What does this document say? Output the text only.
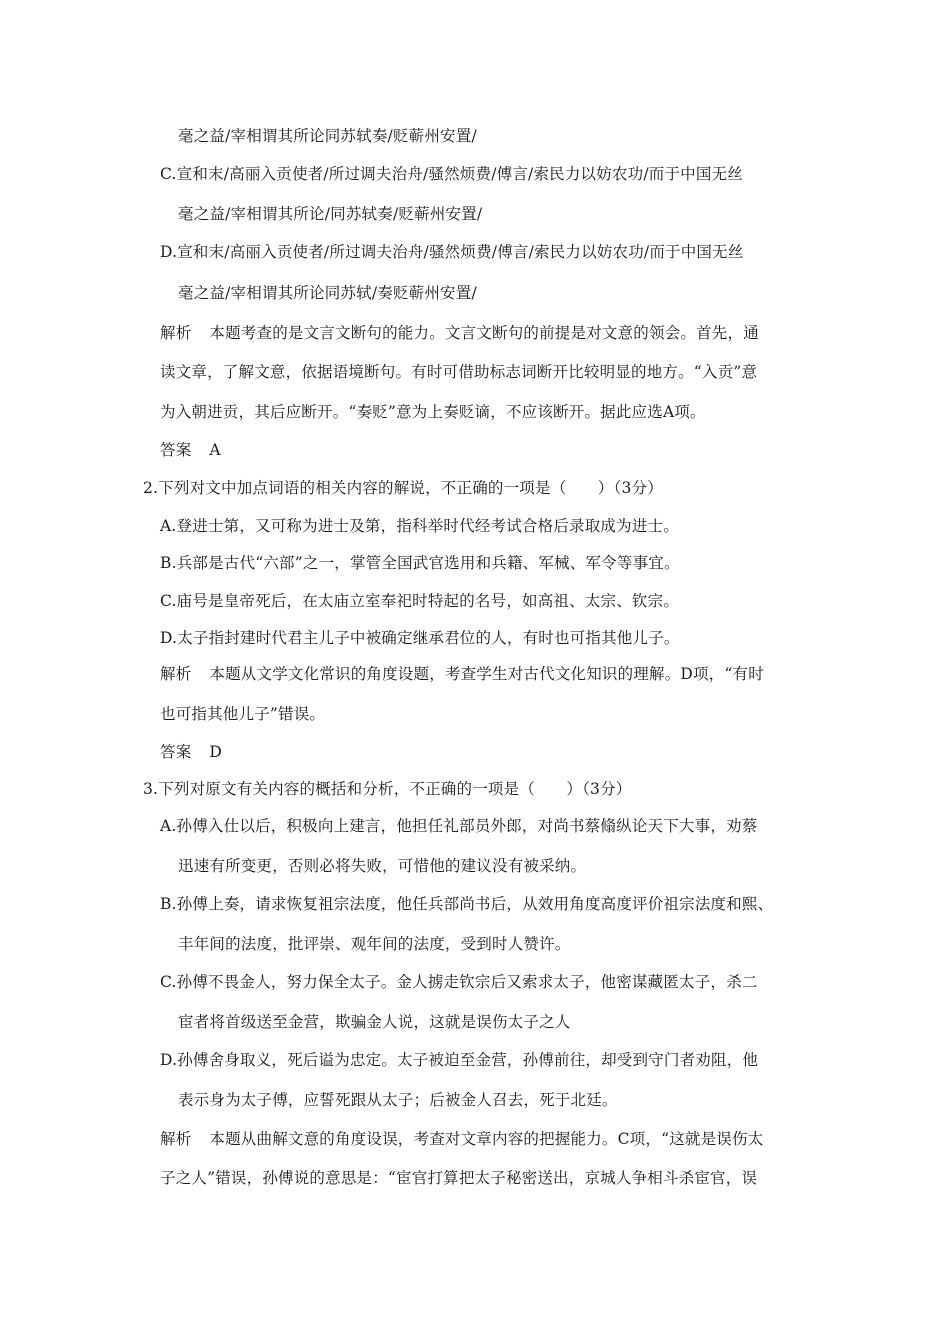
毫之益/宰相谓其所论同苏轼奏/贬蕲州安置/
C.宣和末/高丽入贡使者/所过调夫治舟/骚然烦费/傅言/索民力以妨农功/而于中国无丝
毫之益/宰相谓其所论/同苏轼奏/贬蕲州安置/
D.宣和末/高丽入贡使者/所过调夫治舟/骚然烦费/傅言/索民力以妨农功/而于中国无丝
毫之益/宰相谓其所论同苏轼/奏贬蕲州安置/
解析 本题考查的是文言文断句的能力。文言文断句的前提是对文意的领会。首先，通
读文章，了解文意，依据语境断句。有时可借助标志词断开比较明显的地方。“入贡”意
为入朝进贡，其后应断开。“奏贬”意为上奏贬谪，不应该断开。据此应选A项。
答案 A
2.下列对文中加点词语的相关内容的解说，不正确的一项是（　　）（3分）
A.登进士第，又可称为进士及第，指科举时代经考试合格后录取成为进士。
B.兵部是古代“六部”之一，掌管全国武官选用和兵籍、军械、军令等事宜。
C.庙号是皇帝死后，在太庙立室奉祀时特起的名号，如高祖、太宗、钦宗。
D.太子指封建时代君主儿子中被确定继承君位的人，有时也可指其他儿子。
解析 本题从文学文化常识的角度设题，考查学生对古代文化知识的理解。D项，“有时
也可指其他儿子”错误。
答案 D
3.下列对原文有关内容的概括和分析，不正确的一项是（　　）（3分）
A.孙傅入仕以后，积极向上建言，他担任礼部员外郎，对尚书蔡翛纵论天下大事，劝蔡
迅速有所变更，否则必将失败，可惜他的建议没有被采纳。
B.孙傅上奏，请求恢复祖宗法度，他任兵部尚书后，从效用角度高度评价祖宗法度和熙、
丰年间的法度，批评崇、观年间的法度，受到时人赞许。
C.孙傅不畏金人，努力保全太子。金人掳走钦宗后又索求太子，他密谋藏匿太子，杀二
宦者将首级送至金营，欺骗金人说，这就是误伤太子之人
D.孙傅舍身取义，死后谥为忠定。太子被迫至金营，孙傅前往，却受到守门者劝阻，他
表示身为太子傅，应誓死跟从太子；后被金人召去，死于北廷。
解析 本题从曲解文意的角度设误，考查对文章内容的把握能力。C项，“这就是误伤太
子之人”错误，孙傅说的意思是：“宦官打算把太子秘密送出，京城人争相斗杀宦官，误
